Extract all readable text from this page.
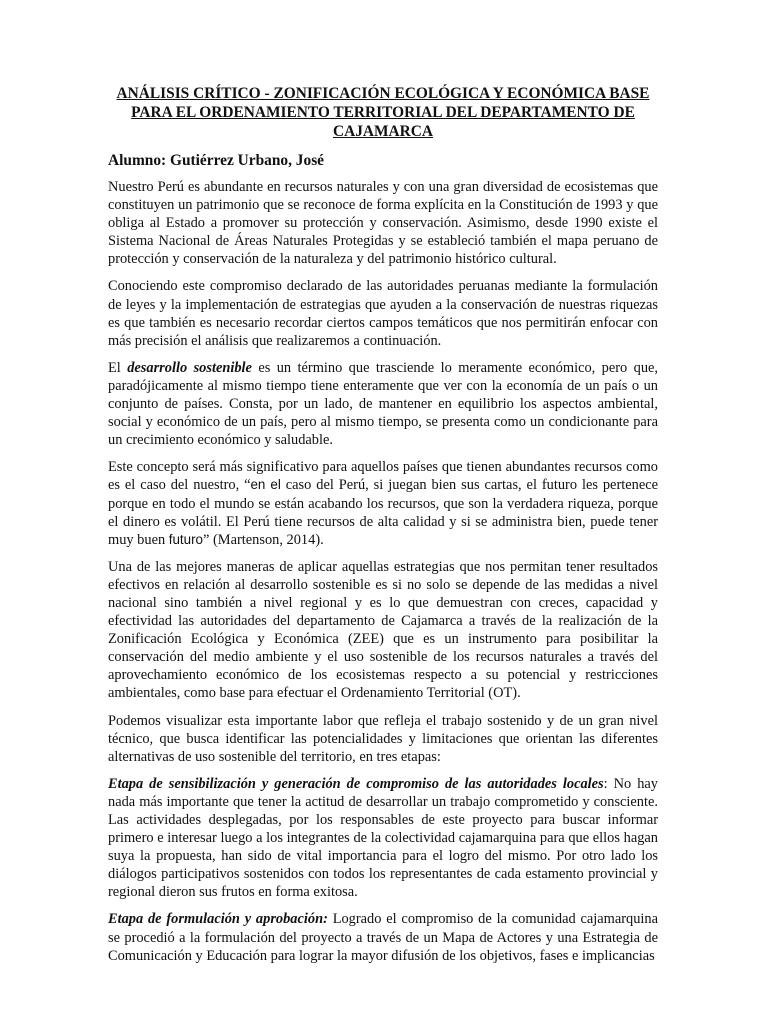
ANÁLISIS CRÍTICO - ZONIFICACIÓN ECOLÓGICA Y ECONÓMICA BASE PARA EL ORDENAMIENTO TERRITORIAL DEL DEPARTAMENTO DE CAJAMARCA

Alumno: Gutiérrez Urbano, José

Nuestro Perú es abundante en recursos naturales y con una gran diversidad de ecosistemas que constituyen un patrimonio que se reconoce de forma explícita en la Constitución de 1993 y que obliga al Estado a promover su protección y conservación. Asimismo, desde 1990 existe el Sistema Nacional de Áreas Naturales Protegidas y se estableció también el mapa peruano de protección y conservación de la naturaleza y del patrimonio histórico cultural.

Conociendo este compromiso declarado de las autoridades peruanas mediante la formulación de leyes y la implementación de estrategias que ayuden a la conservación de nuestras riquezas es que también es necesario recordar ciertos campos temáticos que nos permitirán enfocar con más precisión el análisis que realizaremos a continuación.

El desarrollo sostenible es un término que trasciende lo meramente económico, pero que, paradójicamente al mismo tiempo tiene enteramente que ver con la economía de un país o un conjunto de países. Consta, por un lado, de mantener en equilibrio los aspectos ambiental, social y económico de un país, pero al mismo tiempo, se presenta como un condicionante para un crecimiento económico y saludable.

Este concepto será más significativo para aquellos países que tienen abundantes recursos como es el caso del nuestro, “en el caso del Perú, si juegan bien sus cartas, el futuro les pertenece porque en todo el mundo se están acabando los recursos, que son la verdadera riqueza, porque el dinero es volátil. El Perú tiene recursos de alta calidad y si se administra bien, puede tener muy buen futuro” (Martenson, 2014).

Una de las mejores maneras de aplicar aquellas estrategias que nos permitan tener resultados efectivos en relación al desarrollo sostenible es si no solo se depende de las medidas a nivel nacional sino también a nivel regional y es lo que demuestran con creces, capacidad y efectividad las autoridades del departamento de Cajamarca a través de la realización de la Zonificación Ecológica y Económica (ZEE) que es un instrumento para posibilitar la conservación del medio ambiente y el uso sostenible de los recursos naturales a través del aprovechamiento económico de los ecosistemas respecto a su potencial y restricciones ambientales, como base para efectuar el Ordenamiento Territorial (OT).

Podemos visualizar esta importante labor que refleja el trabajo sostenido y de un gran nivel técnico, que busca identificar las potencialidades y limitaciones que orientan las diferentes alternativas de uso sostenible del territorio, en tres etapas:

Etapa de sensibilización y generación de compromiso de las autoridades locales: No hay nada más importante que tener la actitud de desarrollar un trabajo comprometido y consciente. Las actividades desplegadas, por los responsables de este proyecto para buscar informar primero e interesar luego a los integrantes de la colectividad cajamarquina para que ellos hagan suya la propuesta, han sido de vital importancia para el logro del mismo. Por otro lado los diálogos participativos sostenidos con todos los representantes de cada estamento provincial y regional dieron sus frutos en forma exitosa.

Etapa de formulación y aprobación: Logrado el compromiso de la comunidad cajamarquina se procedió a la formulación del proyecto a través de un Mapa de Actores y una Estrategia de Comunicación y Educación para lograr la mayor difusión de los objetivos, fases e implicancias
